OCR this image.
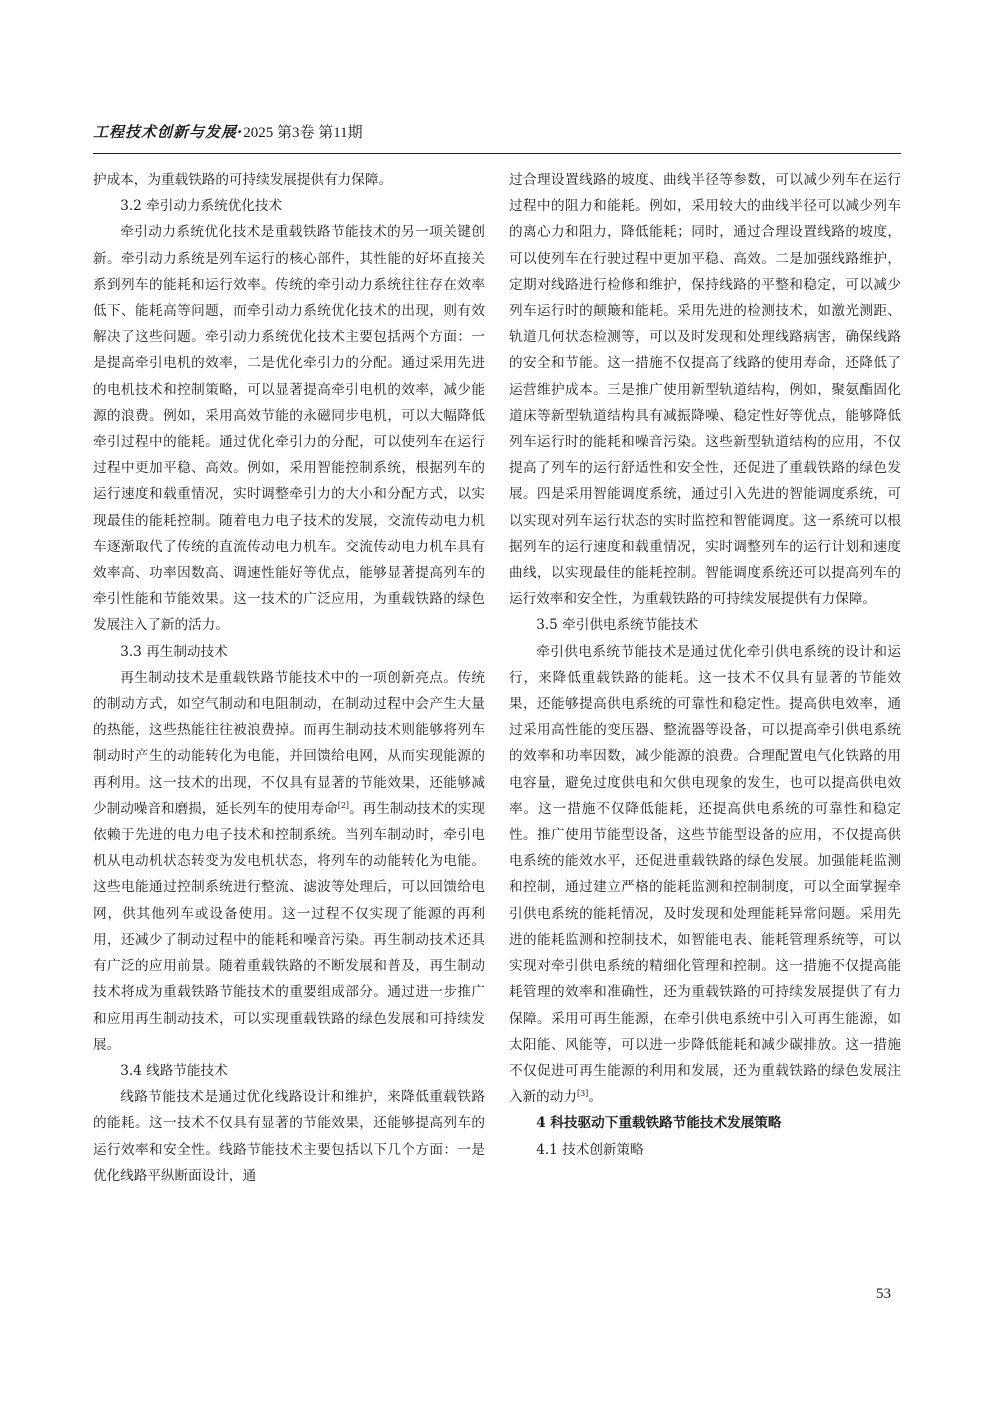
工程技术创新与发展·2025 第3卷 第11期

护成本，为重载铁路的可持续发展提供有力保障。

3.2 牵引动力系统优化技术

牵引动力系统优化技术是重载铁路节能技术的另一项关键创新。牵引动力系统是列车运行的核心部件，其性能的好坏直接关系到列车的能耗和运行效率。传统的牵引动力系统往往存在效率低下、能耗高等问题，而牵引动力系统优化技术的出现，则有效解决了这些问题。牵引动力系统优化技术主要包括两个方面：一是提高牵引电机的效率，二是优化牵引力的分配。通过采用先进的电机技术和控制策略，可以显著提高牵引电机的效率，减少能源的浪费。例如，采用高效节能的永磁同步电机，可以大幅降低牵引过程中的能耗。通过优化牵引力的分配，可以使列车在运行过程中更加平稳、高效。例如，采用智能控制系统，根据列车的运行速度和载重情况，实时调整牵引力的大小和分配方式，以实现最佳的能耗控制。随着电力电子技术的发展，交流传动电力机车逐渐取代了传统的直流传动电力机车。交流传动电力机车具有效率高、功率因数高、调速性能好等优点，能够显著提高列车的牵引性能和节能效果。这一技术的广泛应用，为重载铁路的绿色发展注入了新的活力。

3.3 再生制动技术

再生制动技术是重载铁路节能技术中的一项创新亮点。传统的制动方式，如空气制动和电阻制动，在制动过程中会产生大量的热能，这些热能往往被浪费掉。而再生制动技术则能够将列车制动时产生的动能转化为电能，并回馈给电网，从而实现能源的再利用。这一技术的出现，不仅具有显著的节能效果，还能够减少制动噪音和磨损，延长列车的使用寿命[2]。再生制动技术的实现依赖于先进的电力电子技术和控制系统。当列车制动时，牵引电机从电动机状态转变为发电机状态，将列车的动能转化为电能。这些电能通过控制系统进行整流、滤波等处理后，可以回馈给电网，供其他列车或设备使用。这一过程不仅实现了能源的再利用，还减少了制动过程中的能耗和噪音污染。再生制动技术还具有广泛的应用前景。随着重载铁路的不断发展和普及，再生制动技术将成为重载铁路节能技术的重要组成部分。通过进一步推广和应用再生制动技术，可以实现重载铁路的绿色发展和可持续发展。

3.4 线路节能技术

线路节能技术是通过优化线路设计和维护，来降低重载铁路的能耗。这一技术不仅具有显著的节能效果，还能够提高列车的运行效率和安全性。线路节能技术主要包括以下几个方面：一是优化线路平纵断面设计，通

过合理设置线路的坡度、曲线半径等参数，可以减少列车在运行过程中的阻力和能耗。例如，采用较大的曲线半径可以减少列车的离心力和阻力，降低能耗；同时，通过合理设置线路的坡度，可以使列车在行驶过程中更加平稳、高效。二是加强线路维护，定期对线路进行检修和维护，保持线路的平整和稳定，可以减少列车运行时的颠簸和能耗。采用先进的检测技术，如激光测距、轨道几何状态检测等，可以及时发现和处理线路病害，确保线路的安全和节能。这一措施不仅提高了线路的使用寿命，还降低了运营维护成本。三是推广使用新型轨道结构，例如，聚氨酯固化道床等新型轨道结构具有减振降噪、稳定性好等优点，能够降低列车运行时的能耗和噪音污染。这些新型轨道结构的应用，不仅提高了列车的运行舒适性和安全性，还促进了重载铁路的绿色发展。四是采用智能调度系统，通过引入先进的智能调度系统，可以实现对列车运行状态的实时监控和智能调度。这一系统可以根据列车的运行速度和载重情况，实时调整列车的运行计划和速度曲线，以实现最佳的能耗控制。智能调度系统还可以提高列车的运行效率和安全性，为重载铁路的可持续发展提供有力保障。

3.5 牵引供电系统节能技术

牵引供电系统节能技术是通过优化牵引供电系统的设计和运行，来降低重载铁路的能耗。这一技术不仅具有显著的节能效果，还能够提高供电系统的可靠性和稳定性。提高供电效率，通过采用高性能的变压器、整流器等设备，可以提高牵引供电系统的效率和功率因数，减少能源的浪费。合理配置电气化铁路的用电容量，避免过度供电和欠供电现象的发生，也可以提高供电效率。这一措施不仅降低能耗，还提高供电系统的可靠性和稳定性。推广使用节能型设备，这些节能型设备的应用，不仅提高供电系统的能效水平，还促进重载铁路的绿色发展。加强能耗监测和控制，通过建立严格的能耗监测和控制制度，可以全面掌握牵引供电系统的能耗情况，及时发现和处理能耗异常问题。采用先进的能耗监测和控制技术，如智能电表、能耗管理系统等，可以实现对牵引供电系统的精细化管理和控制。这一措施不仅提高能耗管理的效率和准确性，还为重载铁路的可持续发展提供了有力保障。采用可再生能源，在牵引供电系统中引入可再生能源，如太阳能、风能等，可以进一步降低能耗和减少碳排放。这一措施不仅促进可再生能源的利用和发展，还为重载铁路的绿色发展注入新的动力[3]。

4 科技驱动下重载铁路节能技术发展策略
4.1 技术创新策略
53
